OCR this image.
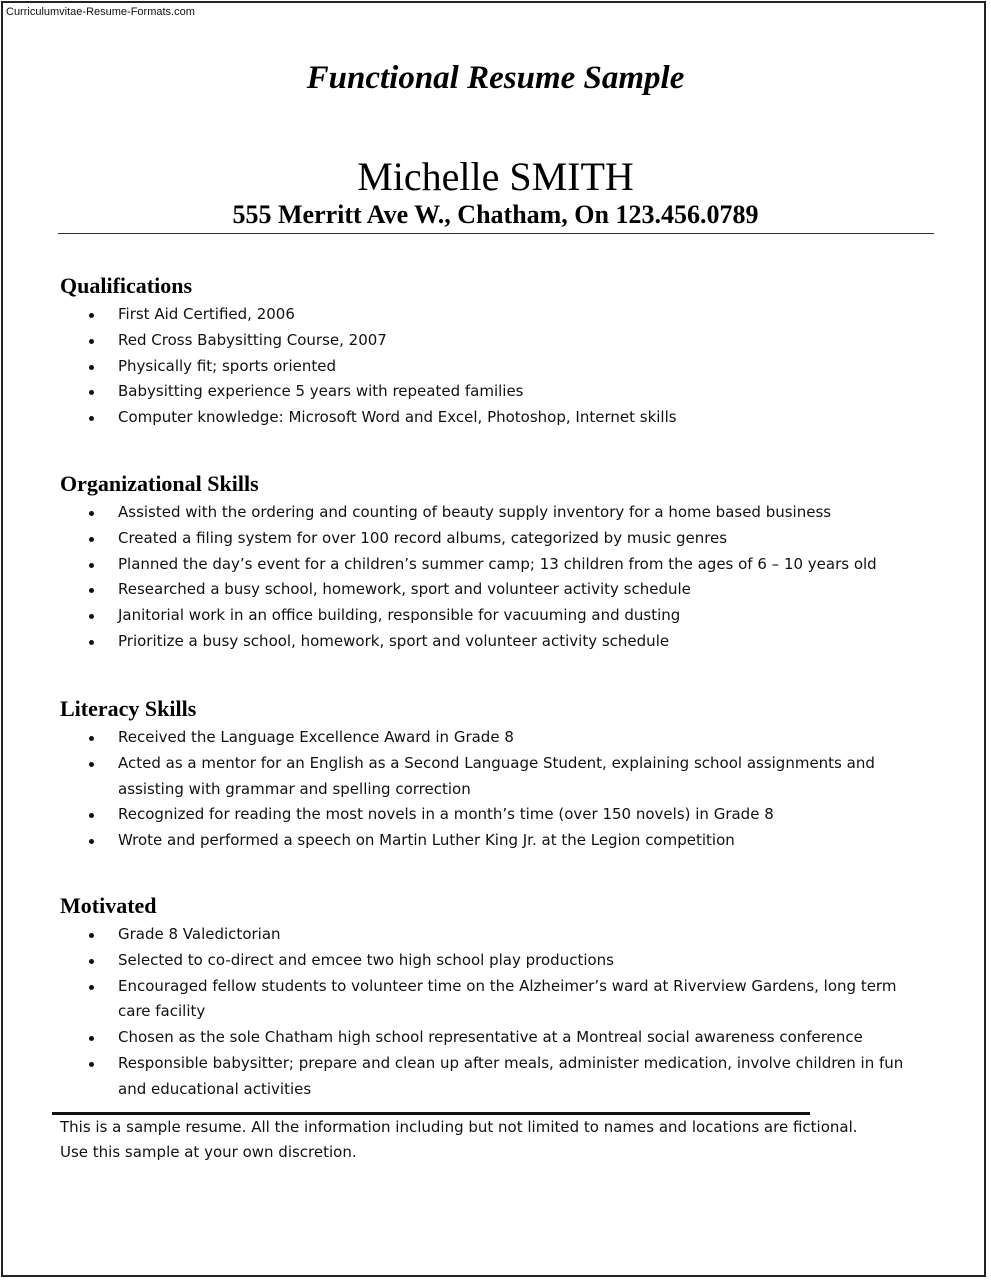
Curriculumvitae-Resume-Formats.com
Functional Resume Sample
Michelle SMITH
555 Merritt Ave W., Chatham, On 123.456.0789
Qualifications
First Aid Certified, 2006
Red Cross Babysitting Course, 2007
Physically fit; sports oriented
Babysitting experience 5 years with repeated families
Computer knowledge: Microsoft Word and Excel, Photoshop, Internet skills
Organizational Skills
Assisted with the ordering and counting of beauty supply inventory for a home based business
Created a filing system for over 100 record albums, categorized by music genres
Planned the day’s event for a children’s summer camp; 13 children from the ages of 6 – 10 years old
Researched a busy school, homework, sport and volunteer activity schedule
Janitorial work in an office building, responsible for vacuuming and dusting
Prioritize a busy school, homework, sport and volunteer activity schedule
Literacy Skills
Received the Language Excellence Award in Grade 8
Acted as a mentor for an English as a Second Language Student, explaining school assignments and assisting with grammar and spelling correction
Recognized for reading the most novels in a month’s time (over 150 novels) in Grade 8
Wrote and performed a speech on Martin Luther King Jr. at the Legion competition
Motivated
Grade 8 Valedictorian
Selected to co-direct and emcee two high school play productions
Encouraged fellow students to volunteer time on the Alzheimer’s ward at Riverview Gardens, long term care facility
Chosen as the sole Chatham high school representative at a Montreal social awareness conference
Responsible babysitter; prepare and clean up after meals, administer medication, involve children in fun and educational activities
This is a sample resume. All the information including but not limited to names and locations are fictional.
Use this sample at your own discretion.
